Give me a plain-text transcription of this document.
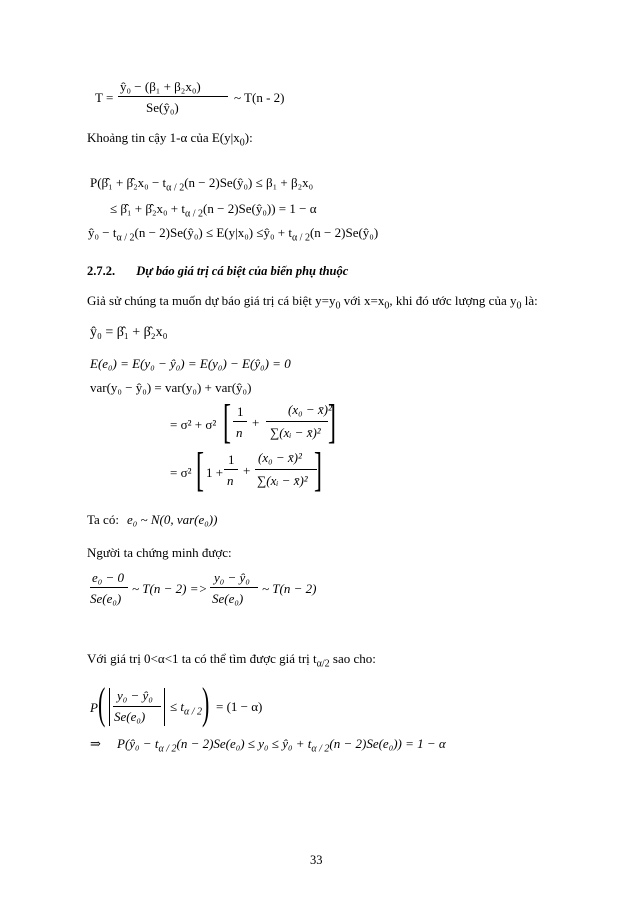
T =
ŷ₀ − (β₁ + β₂x₀)
Se(ŷ₀)
~ T(n - 2)
Khoảng tin cậy 1-α của $E(y|x_0)$:
P(β̂₁ + β̂₂x₀ − $t_{\alpha / 2}(n$ − 2)Se(ŷ₀) ≤ β₁ + β₂x₀
≤ β̂₁ + β̂₂x₀ + $t_{\alpha / 2}(n$ − 2)Se(ŷ₀)) = 1 − α
ŷ₀ − $t_{\alpha / 2}(n$ − 2)Se(ŷ₀) ≤ E(y|x₀) ≤ŷ₀ + $t_{\alpha / 2}(n$ − 2)Se(ŷ₀)
2.7.2. Dự báo giá trị cá biệt của biến phụ thuộc
Giả sử chúng ta muốn dự báo giá trị cá biệt $y=y_0$ với $x=x_0$, khi đó ước lượng của $y_0$ là:
ŷ₀ = β̂₁ + β̂₂x₀
E(e₀) = E(y₀ − ŷ₀) = E(y₀) − E(ŷ₀) = 0
var(y₀ − ŷ₀) = var(y₀) + var(ŷ₀)
= σ² + σ² [ 1
n
+
(x₀ − x̄)²
∑(xᵢ − x̄)² ]
= σ² [ 1 +
1
n
+
(x₀ − x̄)²
∑(xᵢ − x̄)² ]
Ta có: e₀ ~ N(0, var(e₀))
Người ta chứng minh được:
e₀ − 0
Se(e₀)
~ T(n − 2) =>
y₀ − ŷ₀
Se(e₀)
~ T(n − 2)
Với giá trị 0<α<1 ta có thể tìm được giá trị $t_{\alpha/2}$ sao cho:
P ( y₀ − ŷ₀
Se(e₀)
≤ $t_{\alpha / 2}$ ) = (1 − α)
⇒ P(ŷ₀ − $t_{\alpha / 2}(n - 2)Se(e_0) \le y_0$ ≤ ŷ₀ + $t_{\alpha / 2}(n - 2)Se(e_0)) = 1 - \alpha$
33
